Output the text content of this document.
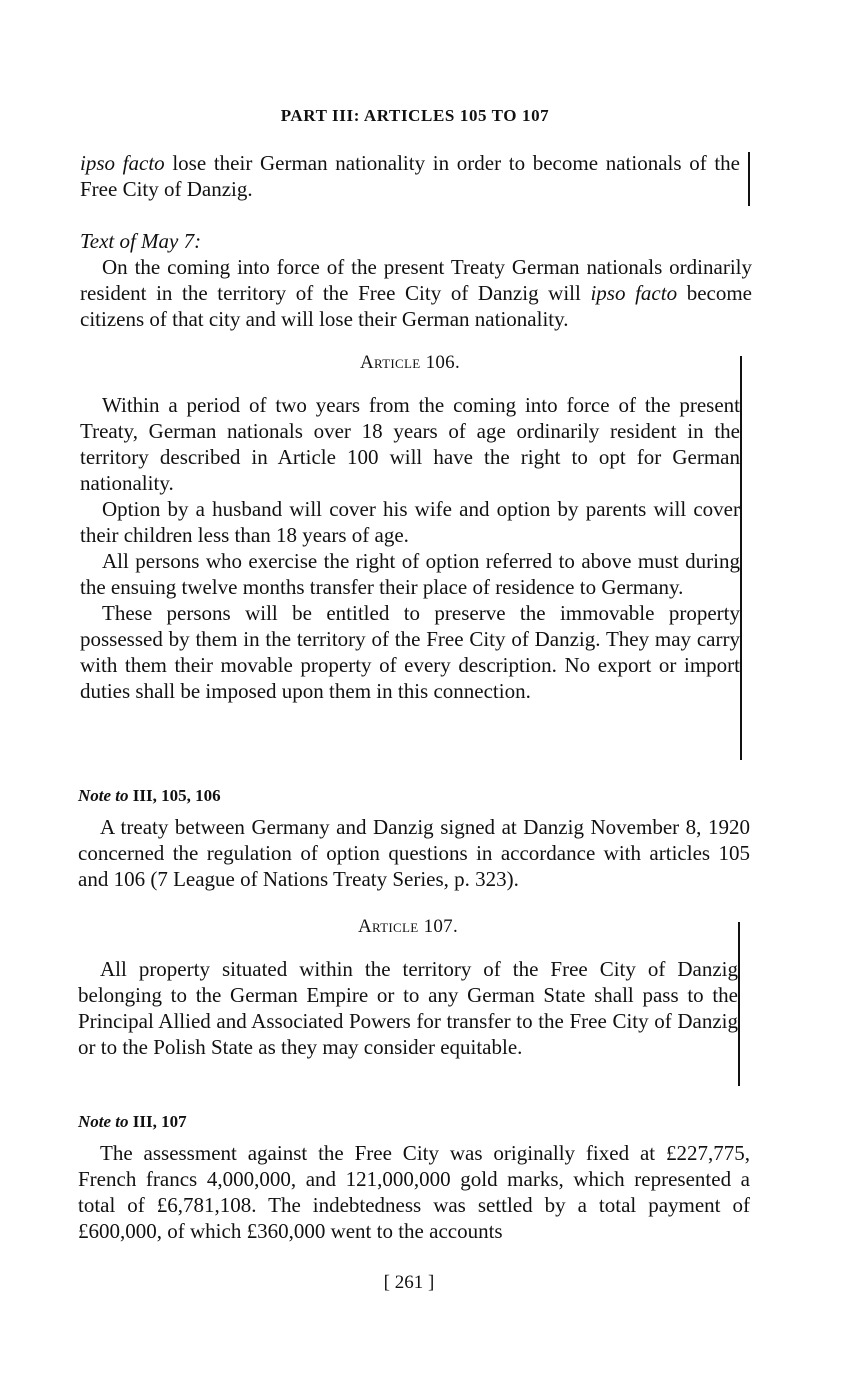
PART III: ARTICLES 105 TO 107

ipso facto lose their German nationality in order to become nationals of the Free City of Danzig.

Text of May 7:

On the coming into force of the present Treaty German nationals ordinarily resident in the territory of the Free City of Danzig will ipso facto become citizens of that city and will lose their German nationality.

Article 106.

Within a period of two years from the coming into force of the present Treaty, German nationals over 18 years of age ordinarily resident in the territory described in Article 100 will have the right to opt for German nationality.

Option by a husband will cover his wife and option by parents will cover their children less than 18 years of age.

All persons who exercise the right of option referred to above must during the ensuing twelve months transfer their place of residence to Germany.

These persons will be entitled to preserve the immovable property possessed by them in the territory of the Free City of Danzig. They may carry with them their movable property of every description. No export or import duties shall be imposed upon them in this connection.

Note to III, 105, 106

A treaty between Germany and Danzig signed at Danzig November 8, 1920 concerned the regulation of option questions in accordance with articles 105 and 106 (7 League of Nations Treaty Series, p. 323).

Article 107.

All property situated within the territory of the Free City of Danzig belonging to the German Empire or to any German State shall pass to the Principal Allied and Associated Powers for transfer to the Free City of Danzig or to the Polish State as they may consider equitable.

Note to III, 107

The assessment against the Free City was originally fixed at £227,775, French francs 4,000,000, and 121,000,000 gold marks, which represented a total of £6,781,108. The indebtedness was settled by a total payment of £600,000, of which £360,000 went to the accounts

[ 261 ]
